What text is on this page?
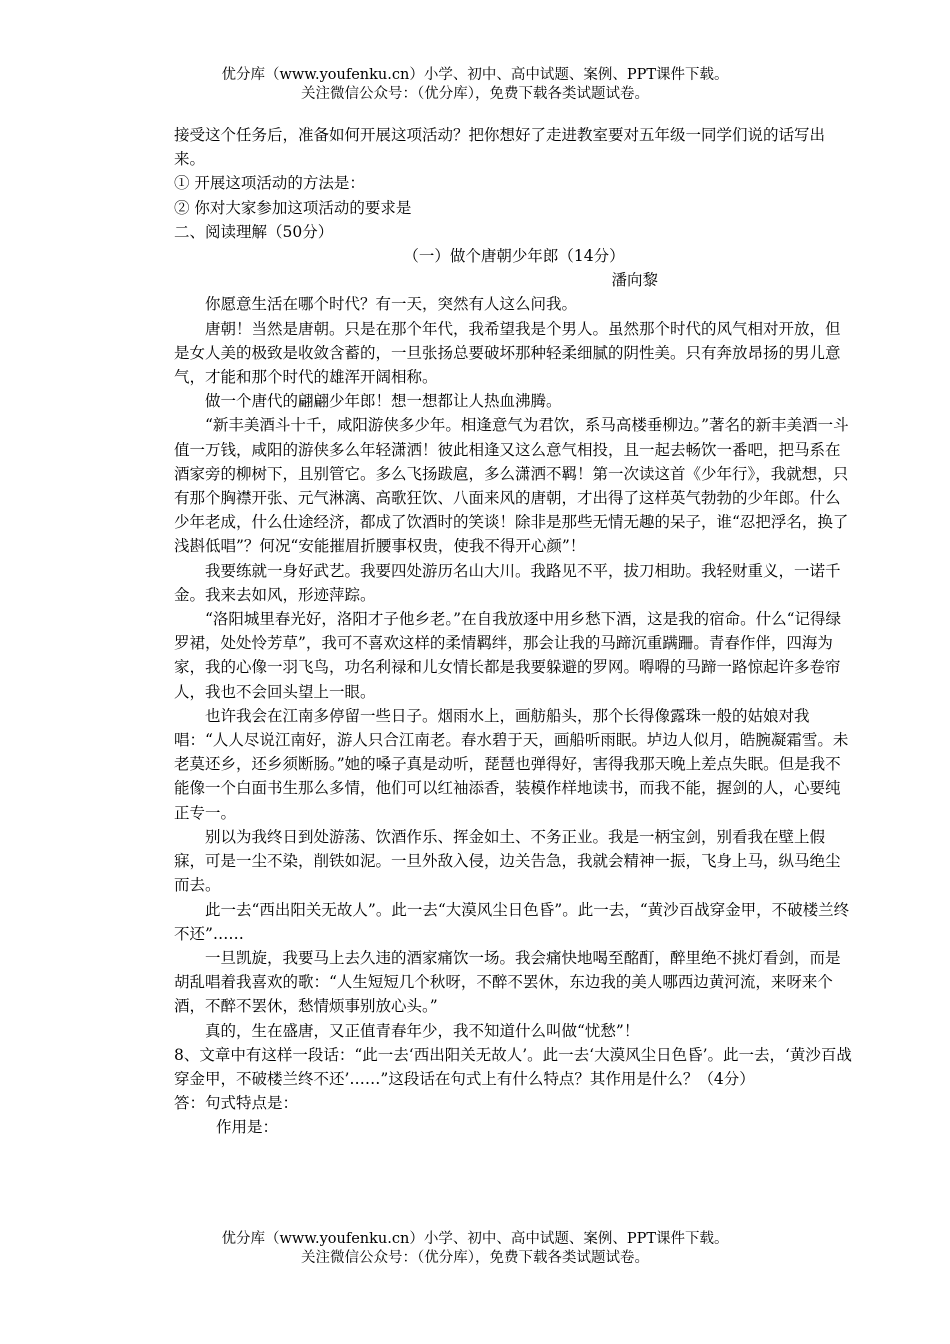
优分库（www.youfenku.cn）小学、初中、高中试题、案例、PPT课件下载。
关注微信公众号：（优分库），免费下载各类试题试卷。

接受这个任务后，准备如何开展这项活动？把你想好了走进教室要对五年级一同学们说的话写出来。

① 开展这项活动的方法是：

② 你对大家参加这项活动的要求是

二、阅读理解（50分）

（一）做个唐朝少年郎（14分）

潘向黎

你愿意生活在哪个时代？有一天，突然有人这么问我。

唐朝！当然是唐朝。只是在那个年代，我希望我是个男人。虽然那个时代的风气相对开放，但是女人美的极致是收敛含蓄的，一旦张扬总要破坏那种轻柔细腻的阴性美。只有奔放昂扬的男儿意气，才能和那个时代的雄浑开阔相称。

做一个唐代的翩翩少年郎！想一想都让人热血沸腾。

“新丰美酒斗十千，咸阳游侠多少年。相逢意气为君饮，系马高楼垂柳边。”著名的新丰美酒一斗值一万钱，咸阳的游侠多么年轻潇洒！彼此相逢又这么意气相投，且一起去畅饮一番吧，把马系在酒家旁的柳树下，且别管它。多么飞扬跋扈，多么潇洒不羁！第一次读这首《少年行》，我就想，只有那个胸襟开张、元气淋漓、高歌狂饮、八面来风的唐朝，才出得了这样英气勃勃的少年郎。什么少年老成，什么仕途经济，都成了饮酒时的笑谈！除非是那些无情无趣的呆子，谁“忍把浮名，换了浅斟低唱”？何况“安能摧眉折腰事权贵，使我不得开心颜”！

我要练就一身好武艺。我要四处游历名山大川。我路见不平，拔刀相助。我轻财重义，一诺千金。我来去如风，形迹萍踪。

“洛阳城里春光好，洛阳才子他乡老。”在自我放逐中用乡愁下酒，这是我的宿命。什么“记得绿罗裙，处处怜芳草”，我可不喜欢这样的柔情羁绊，那会让我的马蹄沉重蹒跚。青春作伴，四海为家，我的心像一羽飞鸟，功名利禄和儿女情长都是我要躲避的罗网。嘚嘚的马蹄一路惊起许多卷帘人，我也不会回头望上一眼。

也许我会在江南多停留一些日子。烟雨水上，画舫船头，那个长得像露珠一般的姑娘对我唱：“人人尽说江南好，游人只合江南老。春水碧于天，画船听雨眠。垆边人似月，皓腕凝霜雪。未老莫还乡，还乡须断肠。”她的嗓子真是动听，琵琶也弹得好，害得我那天晚上差点失眠。但是我不能像一个白面书生那么多情，他们可以红袖添香，装模作样地读书，而我不能，握剑的人，心要纯正专一。

别以为我终日到处游荡、饮酒作乐、挥金如土、不务正业。我是一柄宝剑，别看我在壁上假寐，可是一尘不染，削铁如泥。一旦外敌入侵，边关告急，我就会精神一振，飞身上马，纵马绝尘而去。

此一去“西出阳关无故人”。此一去“大漠风尘日色昏”。此一去，“黄沙百战穿金甲，不破楼兰终不还”……

一旦凯旋，我要马上去久违的酒家痛饮一场。我会痛快地喝至酩酊，醉里绝不挑灯看剑，而是胡乱唱着我喜欢的歌：“人生短短几个秋呀，不醉不罢休，东边我的美人哪西边黄河流，来呀来个酒，不醉不罢休，愁情烦事别放心头。”

真的，生在盛唐，又正值青春年少，我不知道什么叫做“忧愁”！

8、文章中有这样一段话：“此一去‘西出阳关无故人’。此一去‘大漠风尘日色昏’。此一去，‘黄沙百战穿金甲，不破楼兰终不还’……”这段话在句式上有什么特点？其作用是什么？（4分）

答：句式特点是：

作用是：

优分库（www.youfenku.cn）小学、初中、高中试题、案例、PPT课件下载。
关注微信公众号：（优分库），免费下载各类试题试卷。
